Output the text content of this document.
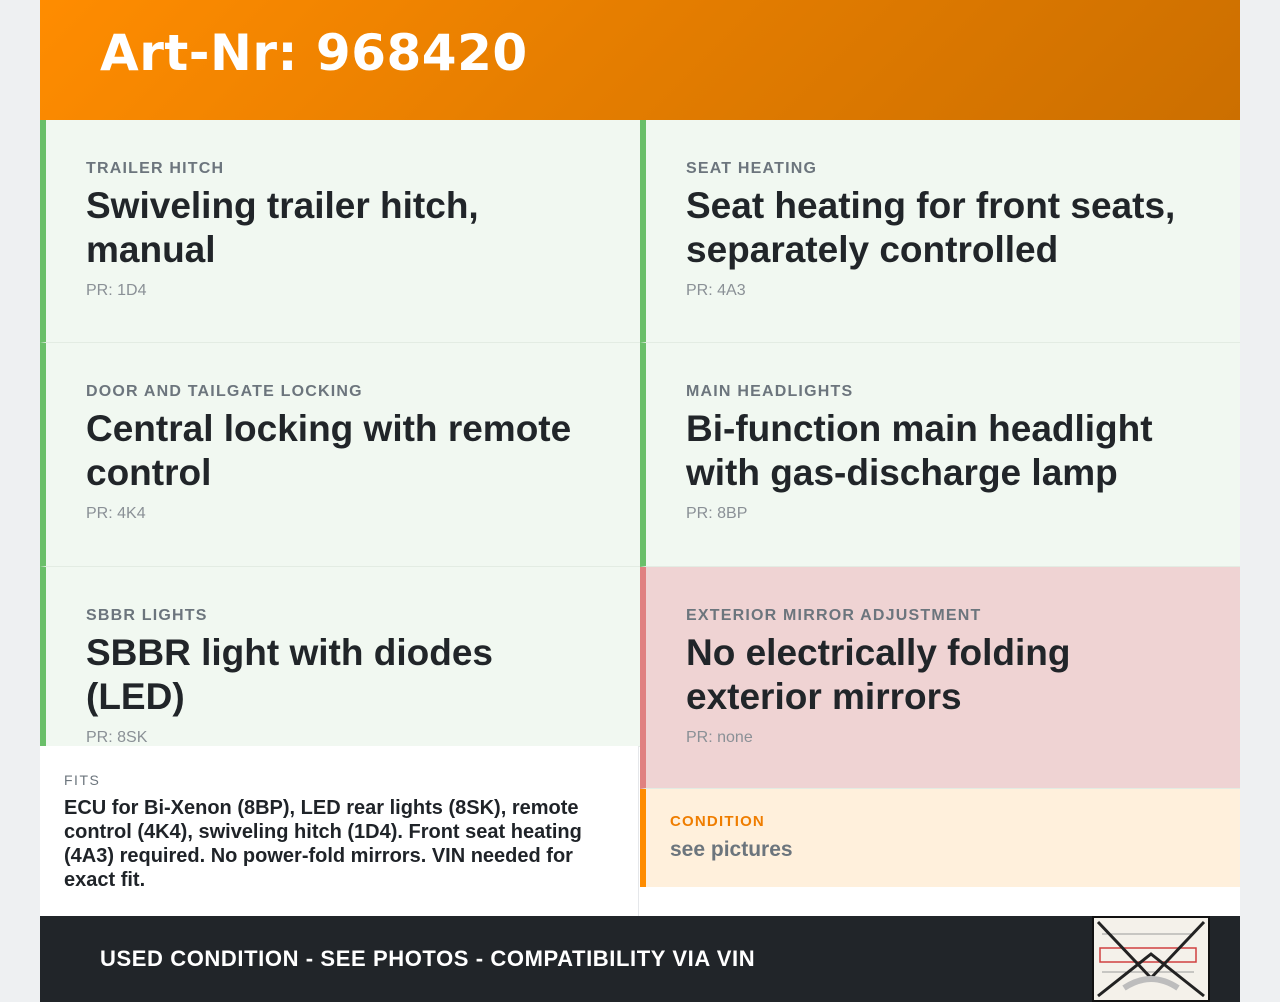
Art-Nr: 968420
TRAILER HITCH
Swiveling trailer hitch, manual
PR: 1D4
SEAT HEATING
Seat heating for front seats, separately controlled
PR: 4A3
DOOR AND TAILGATE LOCKING
Central locking with remote control
PR: 4K4
MAIN HEADLIGHTS
Bi-function main headlight with gas-discharge lamp
PR: 8BP
SBBR LIGHTS
SBBR light with diodes (LED)
PR: 8SK
EXTERIOR MIRROR ADJUSTMENT
No electrically folding exterior mirrors
PR: none
FITS
ECU for Bi-Xenon (8BP), LED rear lights (8SK), remote control (4K4), swiveling hitch (1D4). Front seat heating (4A3) required. No power-fold mirrors. VIN needed for exact fit.
CONDITION
see pictures
USED CONDITION - SEE PHOTOS - COMPATIBILITY VIA VIN
